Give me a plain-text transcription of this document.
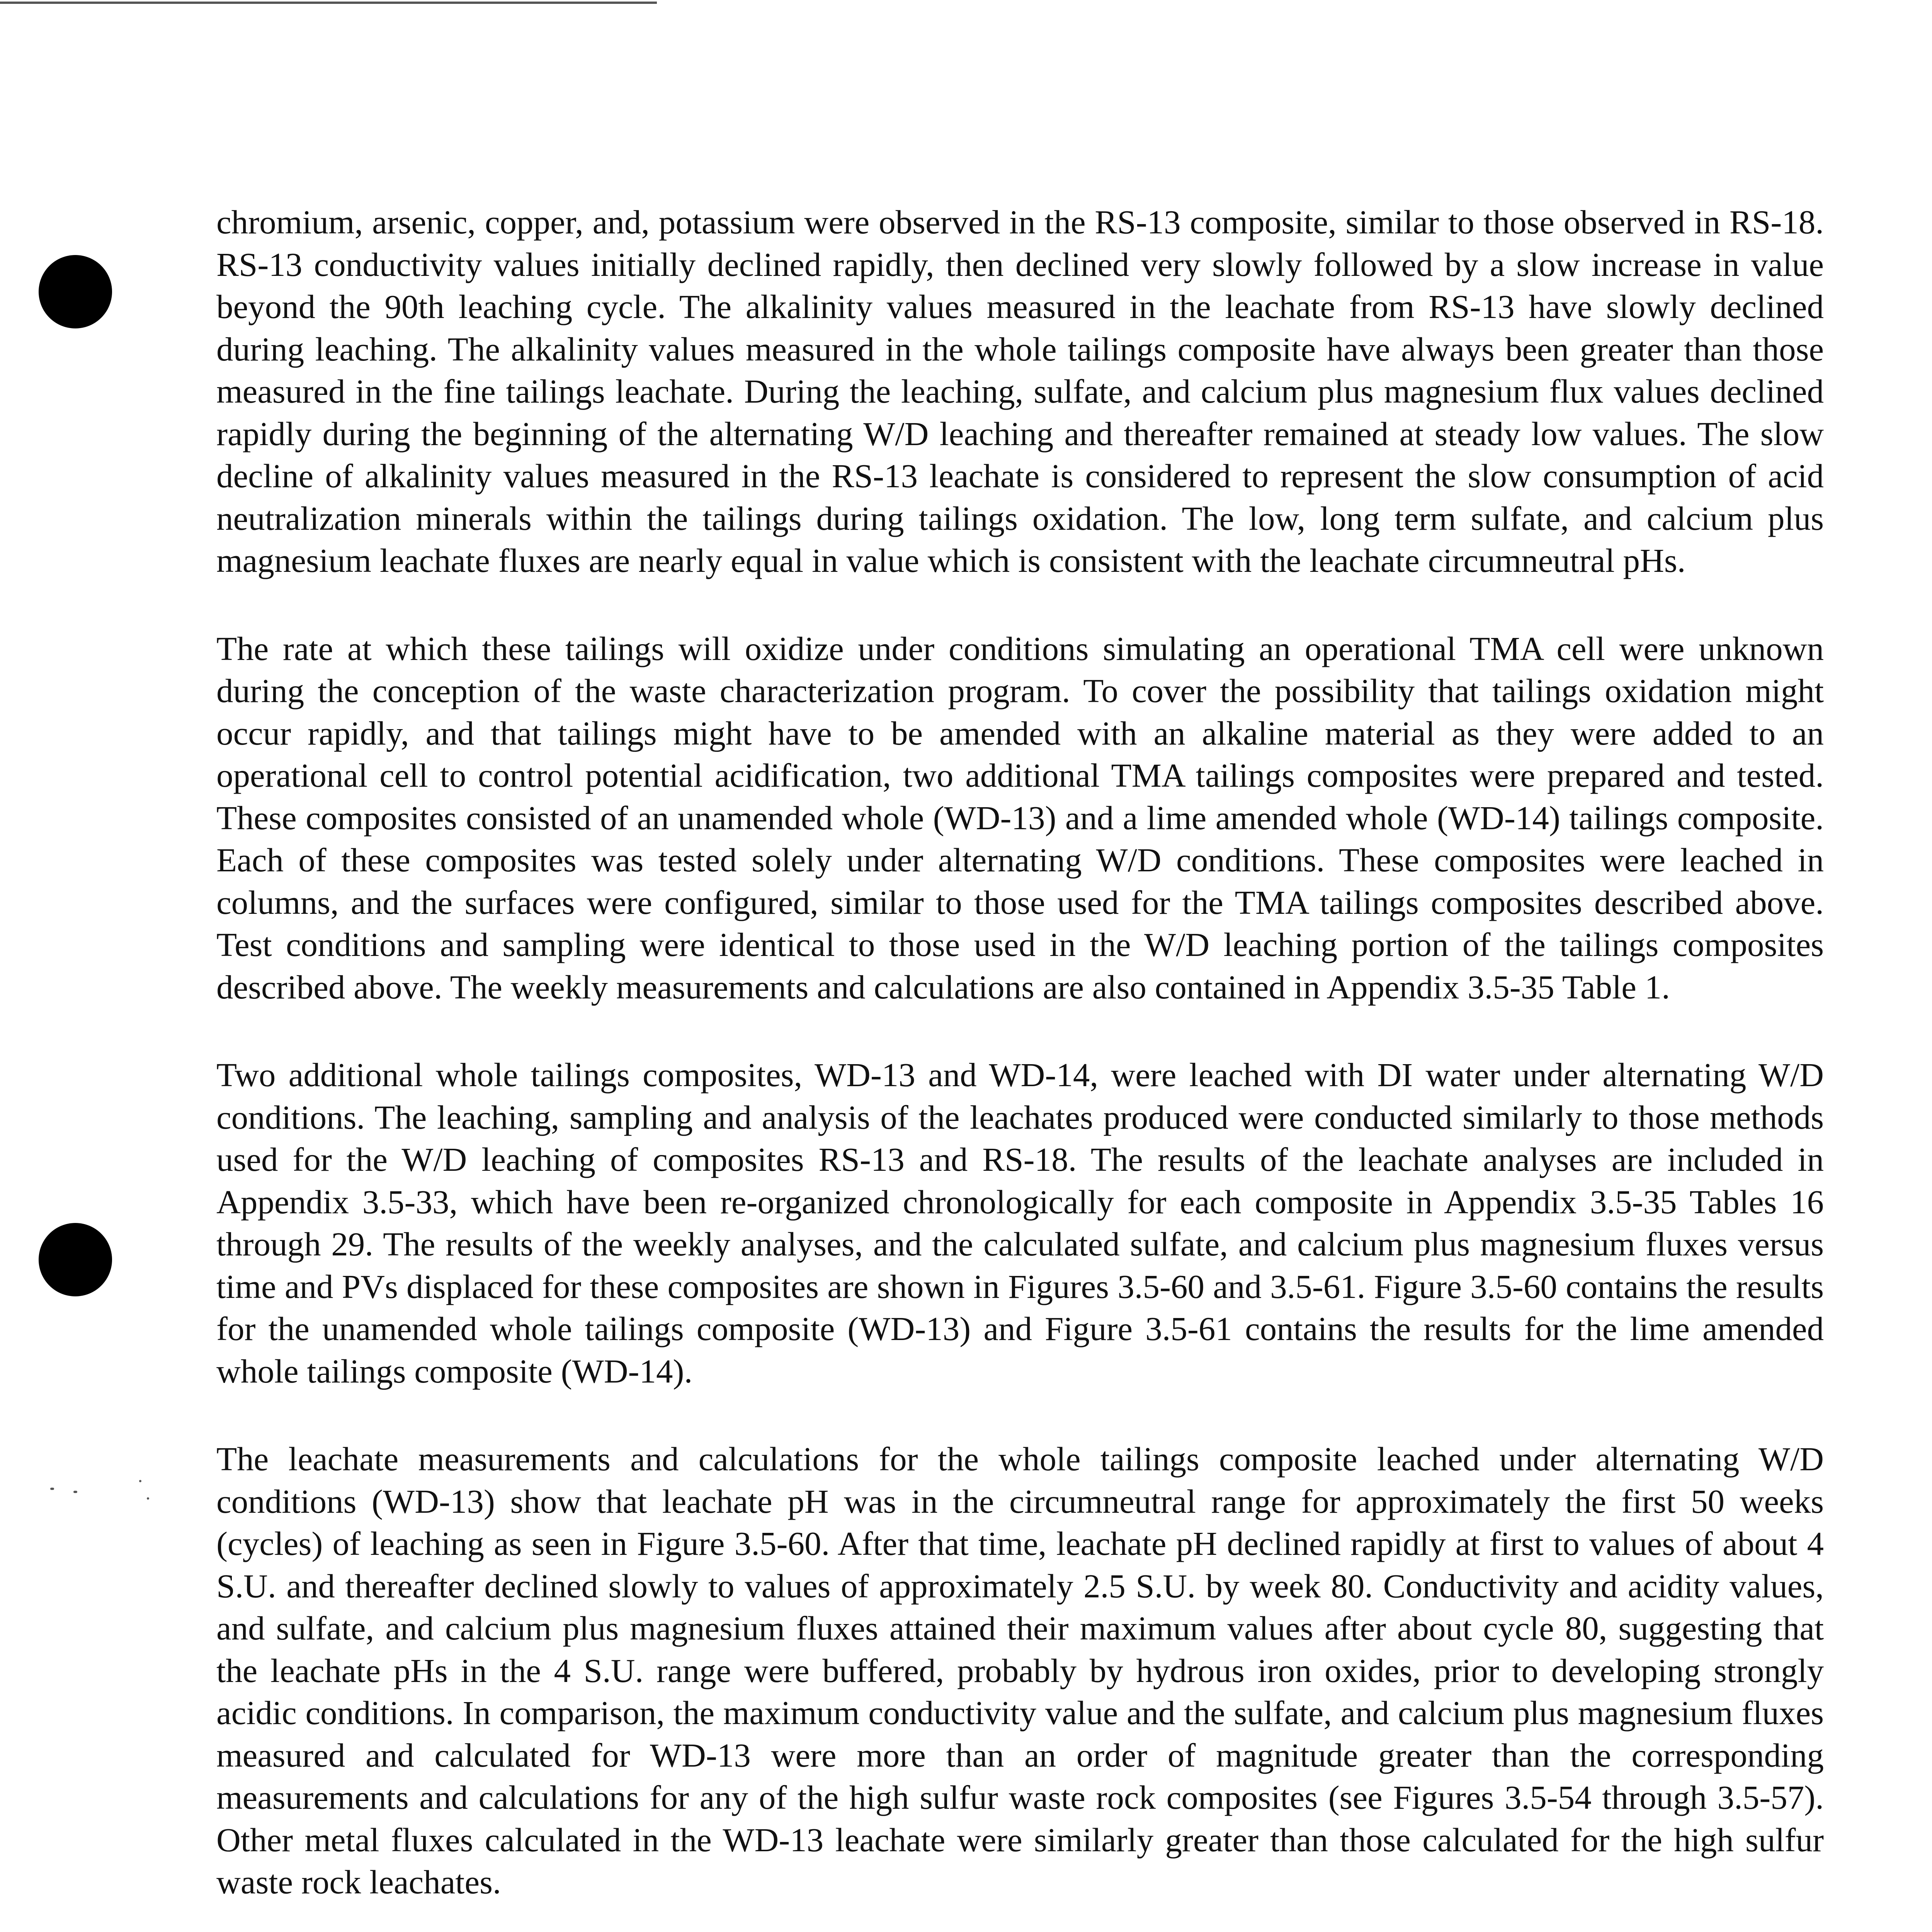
chromium, arsenic, copper, and, potassium were observed in the RS-13 composite, similar to those observed in RS-18. RS-13 conductivity values initially declined rapidly, then declined very slowly followed by a slow increase in value beyond the 90th leaching cycle. The alkalinity values measured in the leachate from RS-13 have slowly declined during leaching. The alkalinity values measured in the whole tailings composite have always been greater than those measured in the fine tailings leachate. During the leaching, sulfate, and calcium plus magnesium flux values declined rapidly during the beginning of the alternating W/D leaching and thereafter remained at steady low values. The slow decline of alkalinity values measured in the RS-13 leachate is considered to represent the slow consumption of acid neutralization minerals within the tailings during tailings oxidation. The low, long term sulfate, and calcium plus magnesium leachate fluxes are nearly equal in value which is consistent with the leachate circumneutral pHs.

The rate at which these tailings will oxidize under conditions simulating an operational TMA cell were unknown during the conception of the waste characterization program. To cover the possibility that tailings oxidation might occur rapidly, and that tailings might have to be amended with an alkaline material as they were added to an operational cell to control potential acidification, two additional TMA tailings composites were prepared and tested. These composites consisted of an unamended whole (WD-13) and a lime amended whole (WD-14) tailings composite. Each of these composites was tested solely under alternating W/D conditions. These composites were leached in columns, and the surfaces were configured, similar to those used for the TMA tailings composites described above. Test conditions and sampling were identical to those used in the W/D leaching portion of the tailings composites described above. The weekly measurements and calculations are also contained in Appendix 3.5-35 Table 1.

Two additional whole tailings composites, WD-13 and WD-14, were leached with DI water under alternating W/D conditions. The leaching, sampling and analysis of the leachates produced were conducted similarly to those methods used for the W/D leaching of composites RS-13 and RS-18. The results of the leachate analyses are included in Appendix 3.5-33, which have been re-organized chronologically for each composite in Appendix 3.5-35 Tables 16 through 29. The results of the weekly analyses, and the calculated sulfate, and calcium plus magnesium fluxes versus time and PVs displaced for these composites are shown in Figures 3.5-60 and 3.5-61. Figure 3.5-60 contains the results for the unamended whole tailings composite (WD-13) and Figure 3.5-61 contains the results for the lime amended whole tailings composite (WD-14).

The leachate measurements and calculations for the whole tailings composite leached under alternating W/D conditions (WD-13) show that leachate pH was in the circumneutral range for approximately the first 50 weeks (cycles) of leaching as seen in Figure 3.5-60. After that time, leachate pH declined rapidly at first to values of about 4 S.U. and thereafter declined slowly to values of approximately 2.5 S.U. by week 80. Conductivity and acidity values, and sulfate, and calcium plus magnesium fluxes attained their maximum values after about cycle 80, suggesting that the leachate pHs in the 4 S.U. range were buffered, probably by hydrous iron oxides, prior to developing strongly acidic conditions. In comparison, the maximum conductivity value and the sulfate, and calcium plus magnesium fluxes measured and calculated for WD-13 were more than an order of magnitude greater than the corresponding measurements and calculations for any of the high sulfur waste rock composites (see Figures 3.5-54 through 3.5-57). Other metal fluxes calculated in the WD-13 leachate were similarly greater than those calculated for the high sulfur waste rock leachates.
